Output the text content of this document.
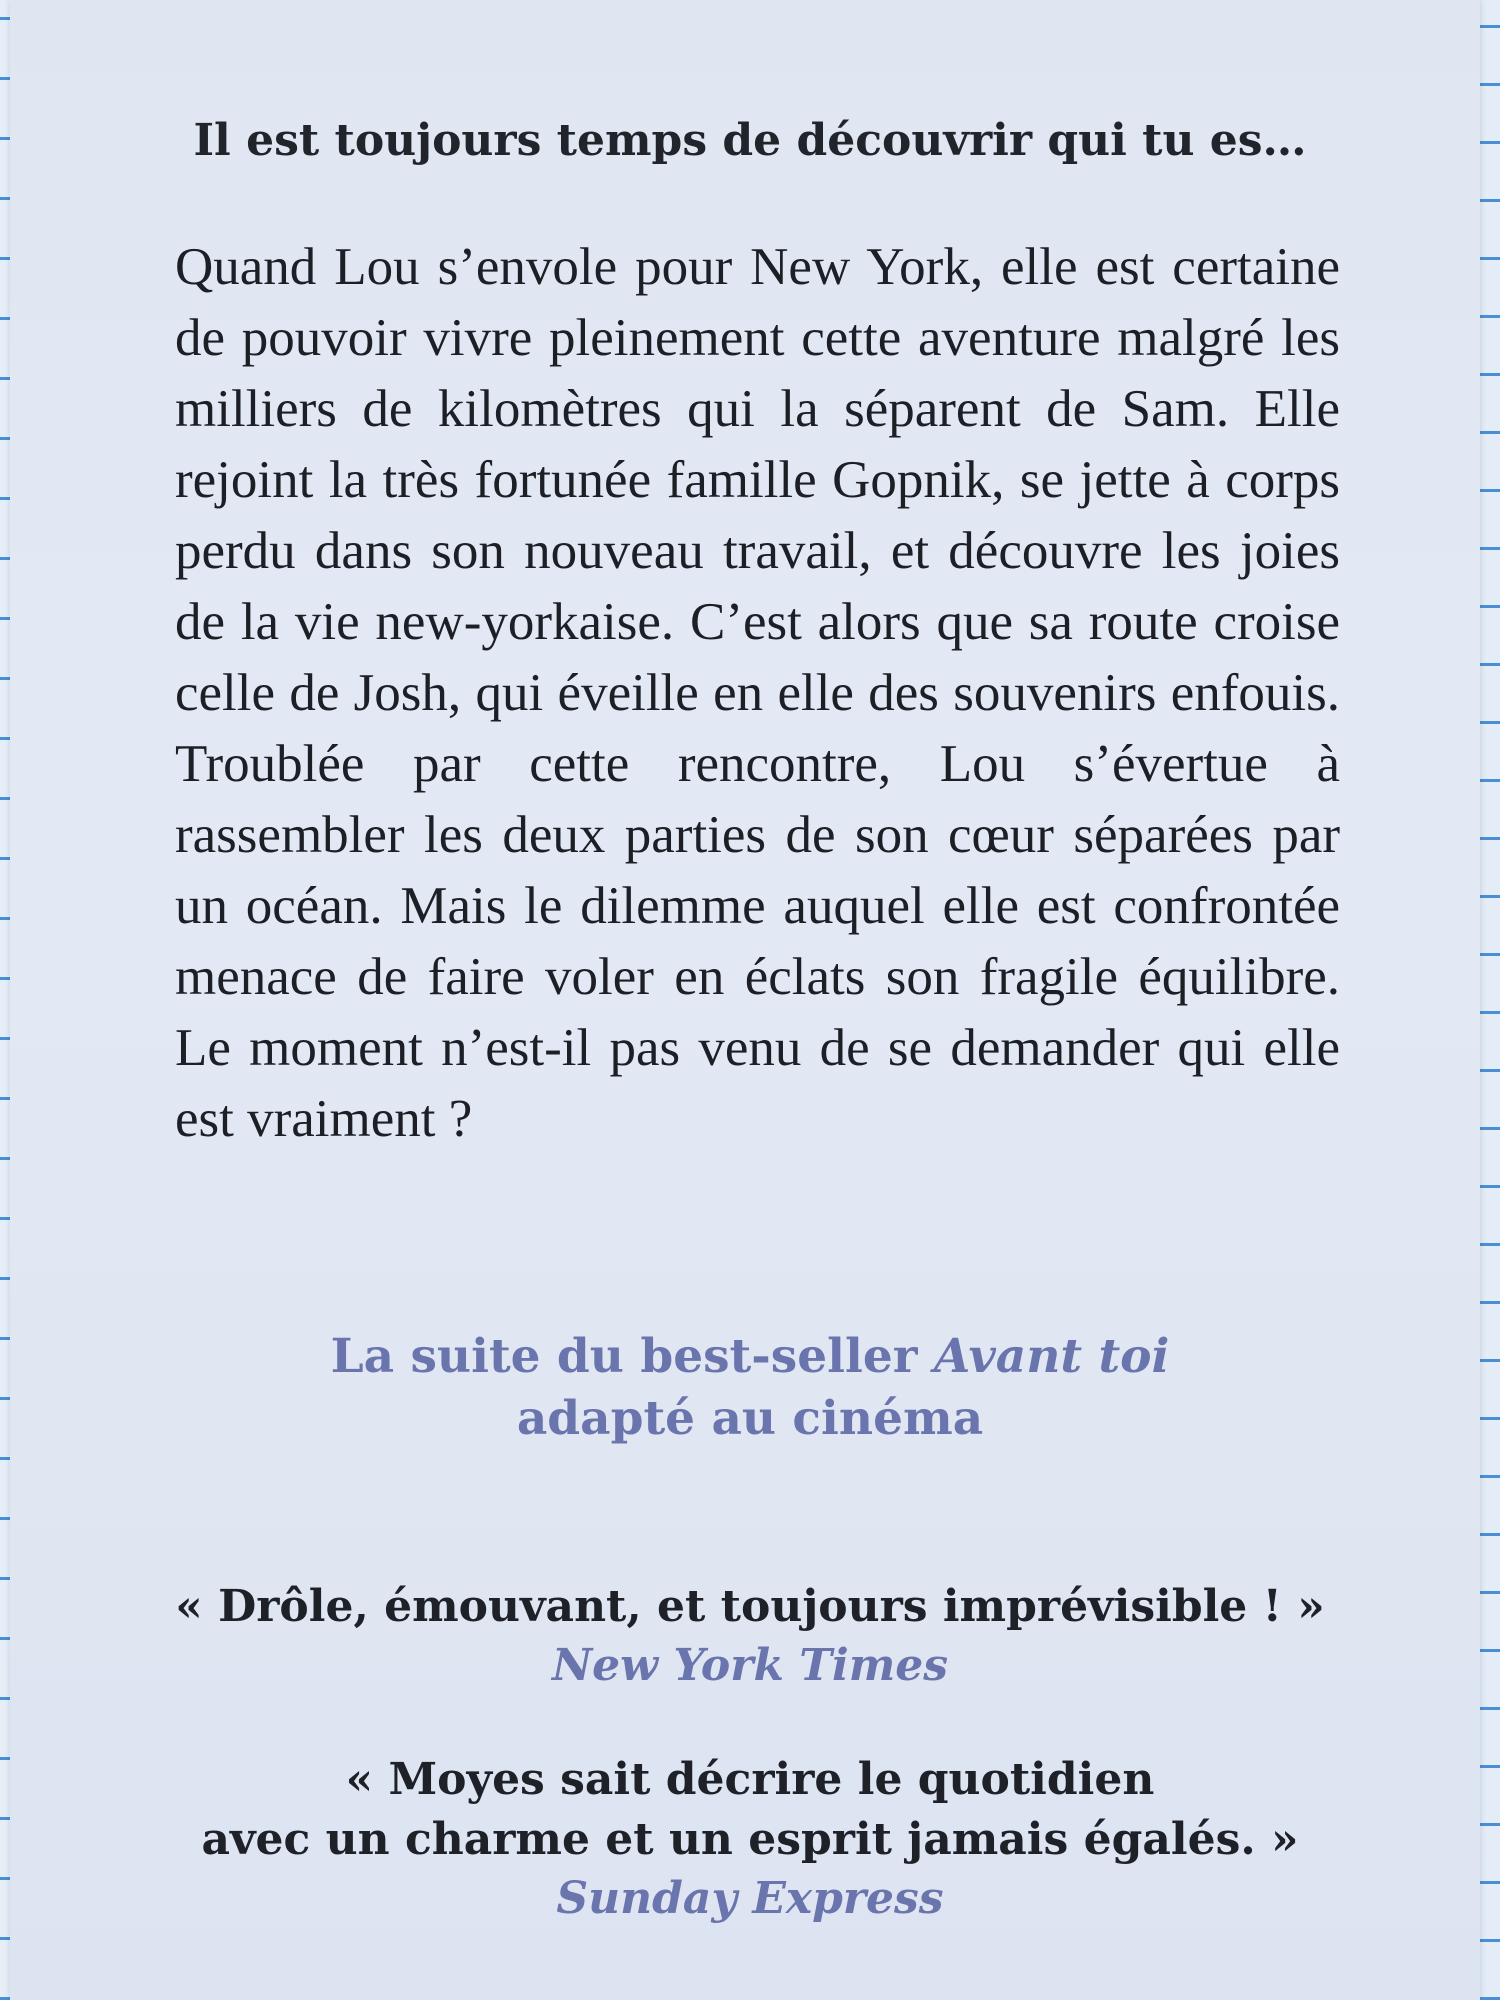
Il est toujours temps de découvrir qui tu es…

Quand Lou s’envole pour New York, elle est certaine de pouvoir vivre pleinement cette aventure malgré les milliers de kilomètres qui la séparent de Sam. Elle rejoint la très fortunée famille Gopnik, se jette à corps perdu dans son nouveau travail, et découvre les joies de la vie new-yorkaise. C’est alors que sa route croise celle de Josh, qui éveille en elle des souvenirs enfouis. Troublée par cette rencontre, Lou s’évertue à rassembler les deux parties de son cœur séparées par un océan. Mais le dilemme auquel elle est confrontée menace de faire voler en éclats son fragile équilibre. Le moment n’est-il pas venu de se demander qui elle est vraiment ?

La suite du best-seller Avant toi
adapté au cinéma
« Drôle, émouvant, et toujours imprévisible ! »
New York Times
« Moyes sait décrire le quotidien
avec un charme et un esprit jamais égalés. »
Sunday Express
